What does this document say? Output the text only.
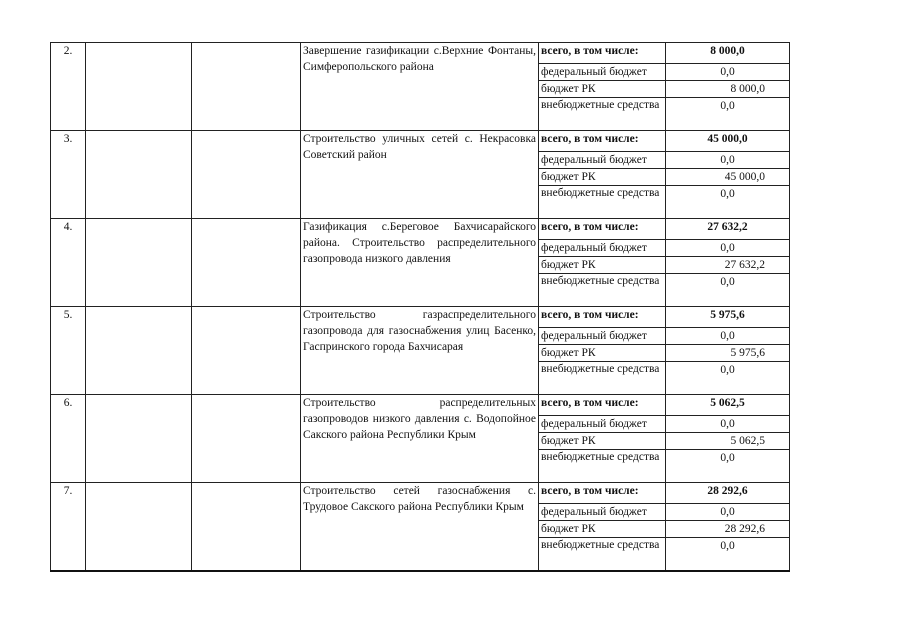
2.			Завершение газификации с.Верхние Фонтаны, Симферопольского района	всего, в том числе:	8 000,0
				федеральный бюджет	0,0
				бюджет РК	8 000,0
				внебюджетные средства	0,0
3.			Строительство уличных сетей с. Некрасовка Советский район	всего, в том числе:	45 000,0
				федеральный бюджет	0,0
				бюджет РК	45 000,0
				внебюджетные средства	0,0
4.			Газификация с.Береговое Бахчисарайского района. Строительство распределительного газопровода низкого давления	всего, в том числе:	27 632,2
				федеральный бюджет	0,0
				бюджет РК	27 632,2
				внебюджетные средства	0,0
5.			Строительство газраспределительного газопровода для газоснабжения улиц Басенко, Гаспринского города Бахчисарая	всего, в том числе:	5 975,6
				федеральный бюджет	0,0
				бюджет РК	5 975,6
				внебюджетные средства	0,0
6.			Строительство распределительных газопроводов низкого давления с. Водопойное Сакского района Республики Крым	всего, в том числе:	5 062,5
				федеральный бюджет	0,0
				бюджет РК	5 062,5
				внебюджетные средства	0,0
7.			Строительство сетей газоснабжения с. Трудовое Сакского района Республики Крым	всего, в том числе:	28 292,6
				федеральный бюджет	0,0
				бюджет РК	28 292,6
				внебюджетные средства	0,0
